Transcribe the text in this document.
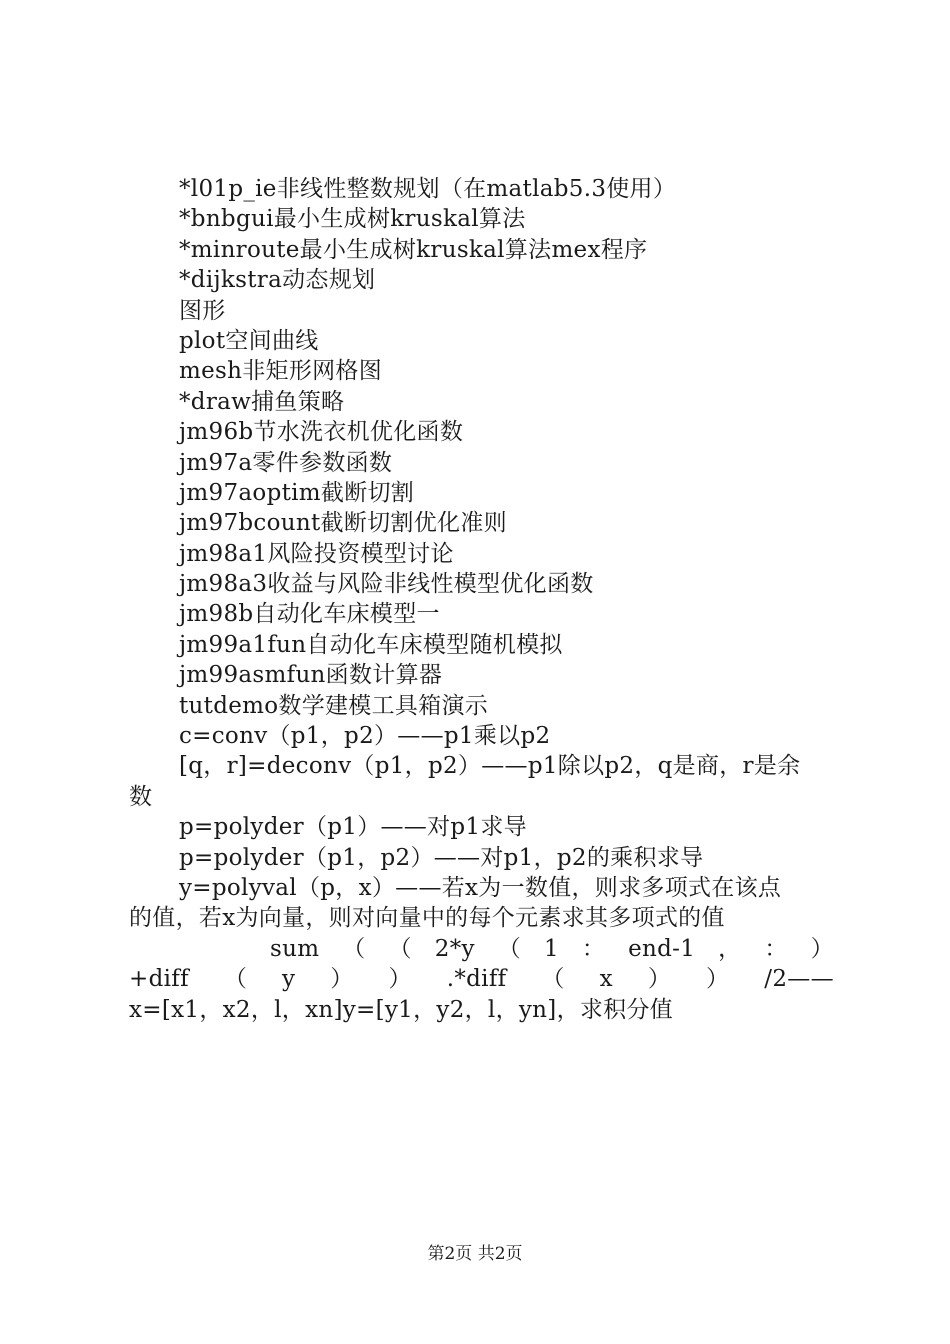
*l01p_ie非线性整数规划（在matlab5.3使用）
*bnbgui最小生成树kruskal算法
*minroute最小生成树kruskal算法mex程序
*dijkstra动态规划
图形
plot空间曲线
mesh非矩形网格图
*draw捕鱼策略
jm96b节水洗衣机优化函数
jm97a零件参数函数
jm97aoptim截断切割
jm97bcount截断切割优化准则
jm98a1风险投资模型讨论
jm98a3收益与风险非线性模型优化函数
jm98b自动化车床模型一
jm99a1fun自动化车床模型随机模拟
jm99asmfun函数计算器
tutdemo数学建模工具箱演示
c=conv（p1，p2）——p1乘以p2
[q，r]=deconv（p1，p2）——p1除以p2，q是商，r是余
数
p=polyder（p1）——对p1求导
p=polyder（p1，p2）——对p1，p2的乘积求导
y=polyval（p，x）——若x为一数值，则求多项式在该点
的值，若x为向量，则对向量中的每个元素求其多项式的值
sum （ （ 2*y （ 1 ： end-1 ， ： ）
+diff （ y ） ） .*diff （ x ） ） /2——
x=[x1，x2，l，xn]y=[y1，y2，l，yn]，求积分值
第2页 共2页
